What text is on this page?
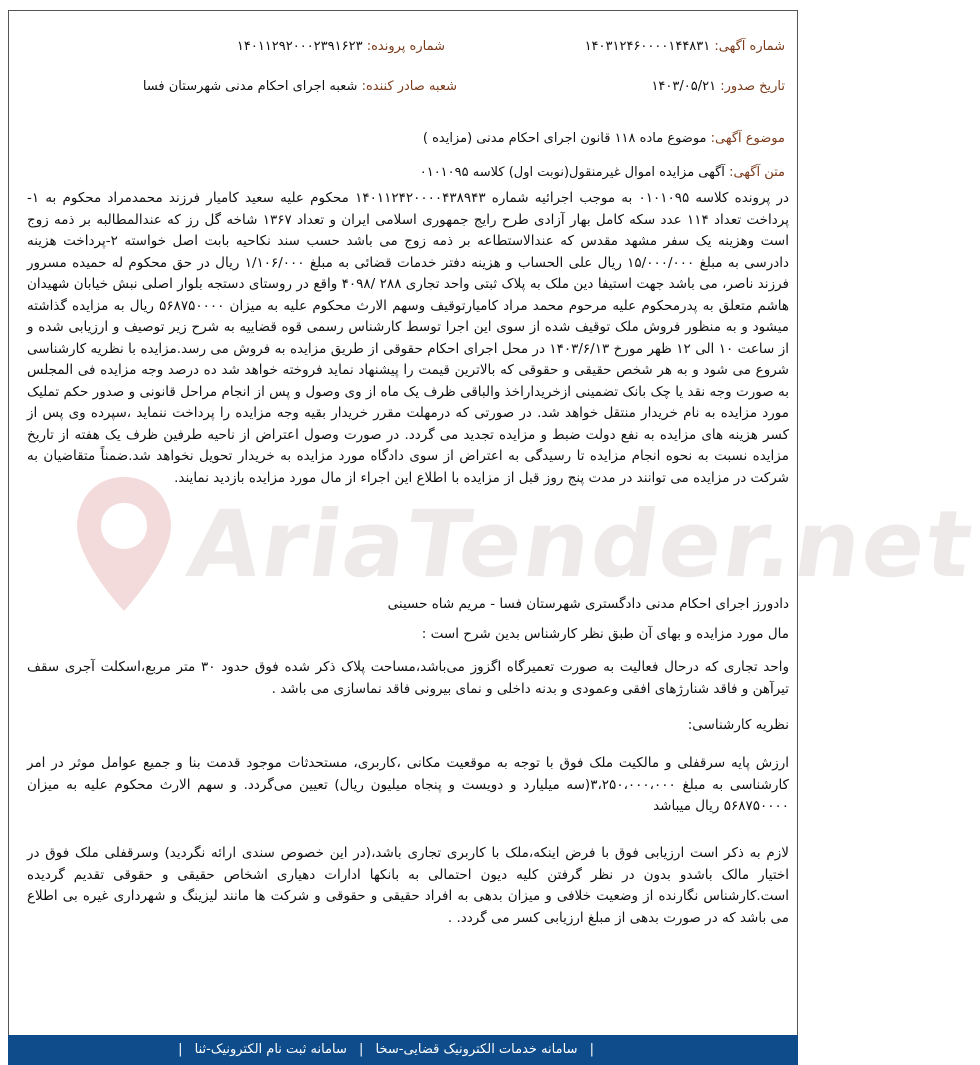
شماره آگهی: ۱۴۰۳۱۲۴۶۰۰۰۰۱۴۴۸۳۱
شماره پرونده: ۱۴۰۱۱۲۹۲۰۰۰۲۳۹۱۶۲۳
تاریخ صدور: ۱۴۰۳/۰۵/۲۱
شعبه صادر کننده: شعبه اجرای احکام مدنی شهرستان فسا
موضوع آگهی: موضوع ماده ۱۱۸ قانون اجرای احکام مدنی (مزایده )
متن آگهی: آگهی مزایده اموال غیرمنقول(نوبت اول) کلاسه ۰۱۰۱۰۹۵
AriaTender.net
در پرونده کلاسه ۰۱۰۱۰۹۵ به موجب اجرائیه شماره ۱۴۰۱۱۲۴۲۰۰۰۰۴۳۸۹۴۳ محکوم علیه سعید کامیار فرزند محمدمراد محکوم به ۱-پرداخت تعداد ۱۱۴ عدد سکه کامل بهار آزادی طرح رایج جمهوری اسلامی ایران و تعداد ۱۳۶۷ شاخه گل رز که عندالمطالبه بر ذمه زوج است وهزینه یک سفر مشهد مقدس که عندالاستطاعه بر ذمه زوج می باشد حسب سند نکاحیه بابت اصل خواسته ۲-پرداخت هزینه دادرسی به مبلغ ۱۵/۰۰۰/۰۰۰ ریال علی الحساب و هزینه دفتر خدمات قضائی به مبلغ ۱/۱۰۶/۰۰۰ ریال در حق محکوم له حمیده مسرور فرزند ناصر، می باشد جهت استیفا دین ملک به پلاک ثبتی واحد تجاری ۲۸۸ /۴۰۹۸ واقع در روستای دستجه بلوار اصلی نبش خیابان شهیدان هاشم متعلق به پدرمحکوم علیه مرحوم محمد مراد کامیارتوقیف وسهم الارث محکوم علیه به میزان ۵۶۸۷۵۰۰۰۰ ریال به مزایده گذاشته میشود و به منظور فروش ملک توقیف شده از سوی این اجرا توسط کارشناس رسمی قوه قضاییه به شرح زیر توصیف و ارزیابی شده و از ساعت ۱۰ الی ۱۲ ظهر مورخ ۱۴۰۳/۶/۱۳ در محل اجرای احکام حقوقی از طریق مزایده به فروش می رسد.مزایده با نظریه کارشناسی شروع می شود و به هر شخص حقیقی و حقوقی که بالاترین قیمت را پیشنهاد نماید فروخته خواهد شد ده درصد وجه مزایده فی المجلس به صورت وجه نقد یا چک بانک تضمینی ازخریداراخذ والباقی ظرف یک ماه از وی وصول و پس از انجام مراحل قانونی و صدور حکم تملیک مورد مزایده به نام خریدار منتقل خواهد شد. در صورتی که درمهلت مقرر خریدار بقیه وجه مزایده را پرداخت ننماید ،سپرده وی پس از کسر هزینه های مزایده به نفع دولت ضبط و مزایده تجدید می گردد. در صورت وصول اعتراض از ناحیه طرفین ظرف یک هفته از تاریخ مزایده نسبت به نحوه انجام مزایده تا رسیدگی به اعتراض از سوی دادگاه مورد مزایده به خریدار تحویل نخواهد شد.ضمناً متقاضیان به شرکت در مزایده می توانند در مدت پنج روز قبل از مزایده با اطلاع این اجراء از مال مورد مزایده بازدید نمایند.
دادورز اجرای احکام مدنی دادگستری شهرستان فسا - مریم شاه حسینی
مال مورد مزایده و بهای آن طبق نظر کارشناس بدین شرح است :
واحد تجاری که درحال فعالیت به صورت تعمیرگاه اگزوز می‌باشد،مساحت پلاک ذکر شده فوق حدود ۳۰ متر مربع،اسکلت آجری سقف تیرآهن و فاقد شنارژهای افقی وعمودی و بدنه داخلی و نمای بیرونی فاقد نماسازی می باشد .
نظریه کارشناسی:
ارزش پایه سرقفلی و مالکیت ملک فوق با توجه به موقعیت مکانی ،کاربری، مستحدثات موجود قدمت بنا و جمیع عوامل موثر در امر کارشناسی به مبلغ ۳،۲۵۰،۰۰۰،۰۰۰(سه میلیارد و دویست و پنجاه میلیون ریال) تعیین می‌گردد. و سهم الارث محکوم علیه به میزان ۵۶۸۷۵۰۰۰۰ ریال میباشد
لازم به ذکر است ارزیابی فوق با فرض اینکه،ملک با کاربری تجاری باشد،(در این خصوص سندی ارائه نگردید) وسرقفلی ملک فوق در اختیار مالک باشدو بدون در نظر گرفتن کلیه دیون احتمالی به بانکها ادارات دهیاری اشخاص حقیقی و حقوقی تقدیم گردیده است.کارشناس نگارنده از وضعیت خلافی و میزان بدهی به افراد حقیقی و حقوقی و شرکت ها مانند لیزینگ و شهرداری غیره بی اطلاع می باشد که در صورت بدهی از مبلغ ارزیابی کسر می گردد. .
| سامانه خدمات الکترونیک قضایی-سخا | سامانه ثبت نام الکترونیک-ثنا |
